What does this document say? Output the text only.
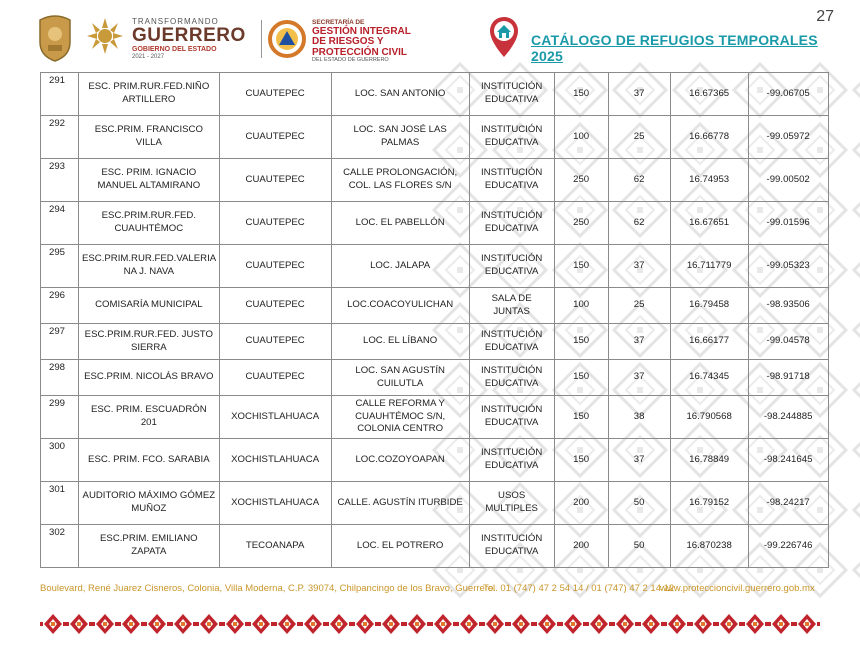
27
TRANSFORMANDO
GUERRERO
GOBIERNO DEL ESTADO
2021 - 2027
SECRETARÍA DE
GESTIÓN INTEGRAL
DE RIESGOS Y
PROTECCIÓN CIVIL
DEL ESTADO DE GUERRERO
CATÁLOGO DE REFUGIOS TEMPORALES 2025
291	ESC. PRIM.RUR.FED.NIÑO ARTILLERO	CUAUTEPEC	LOC. SAN ANTONIO	INSTITUCIÓN EDUCATIVA	150	37	16.67365	-99.06705
292	ESC.PRIM. FRANCISCO VILLA	CUAUTEPEC	LOC. SAN JOSÉ LAS PALMAS	INSTITUCIÓN EDUCATIVA	100	25	16.66778	-99.05972
293	ESC. PRIM. IGNACIO MANUEL ALTAMIRANO	CUAUTEPEC	CALLE PROLONGACIÓN, COL. LAS FLORES S/N	INSTITUCIÓN EDUCATIVA	250	62	16.74953	-99.00502
294	ESC.PRIM.RUR.FED. CUAUHTÉMOC	CUAUTEPEC	LOC. EL PABELLÓN	INSTITUCIÓN EDUCATIVA	250	62	16.67651	-99.01596
295	ESC.PRIM.RUR.FED.VALERIA NA J. NAVA	CUAUTEPEC	LOC. JALAPA	INSTITUCIÓN EDUCATIVA	150	37	16.711779	-99.05323
296	COMISARÍA MUNICIPAL	CUAUTEPEC	LOC.COACOYULICHAN	SALA DE JUNTAS	100	25	16.79458	-98.93506
297	ESC.PRIM.RUR.FED. JUSTO SIERRA	CUAUTEPEC	LOC. EL LÍBANO	INSTITUCIÓN EDUCATIVA	150	37	16.66177	-99.04578
298	ESC.PRIM. NICOLÁS BRAVO	CUAUTEPEC	LOC. SAN AGUSTÍN CUILUTLA	INSTITUCIÓN EDUCATIVA	150	37	16.74345	-98.91718
299	ESC. PRIM. ESCUADRÓN 201	XOCHISTLAHUACA	CALLE REFORMA Y CUAUHTÉMOC S/N, COLONIA CENTRO	INSTITUCIÓN EDUCATIVA	150	38	16.790568	-98.244885
300	ESC. PRIM. FCO. SARABIA	XOCHISTLAHUACA	LOC.COZOYOAPAN	INSTITUCIÓN EDUCATIVA	150	37	16.78849	-98.241645
301	AUDITORIO MÁXIMO GÓMEZ MUÑOZ	XOCHISTLAHUACA	CALLE. AGUSTÍN ITURBIDE	USOS MULTIPLES	200	50	16.79152	-98.24217
302	ESC.PRIM. EMILIANO ZAPATA	TECOANAPA	LOC. EL POTRERO	INSTITUCIÓN EDUCATIVA	200	50	16.870238	-99.226746
Boulevard, René Juarez Cisneros, Colonia, Villa Moderna, C.P. 39074, Chilpancingo de los Bravo, Guerrero.
Tel. 01 (747) 47 2 54 14 / 01 (747) 47 2 14 12
www.proteccioncivil.guerrero.gob.mx
